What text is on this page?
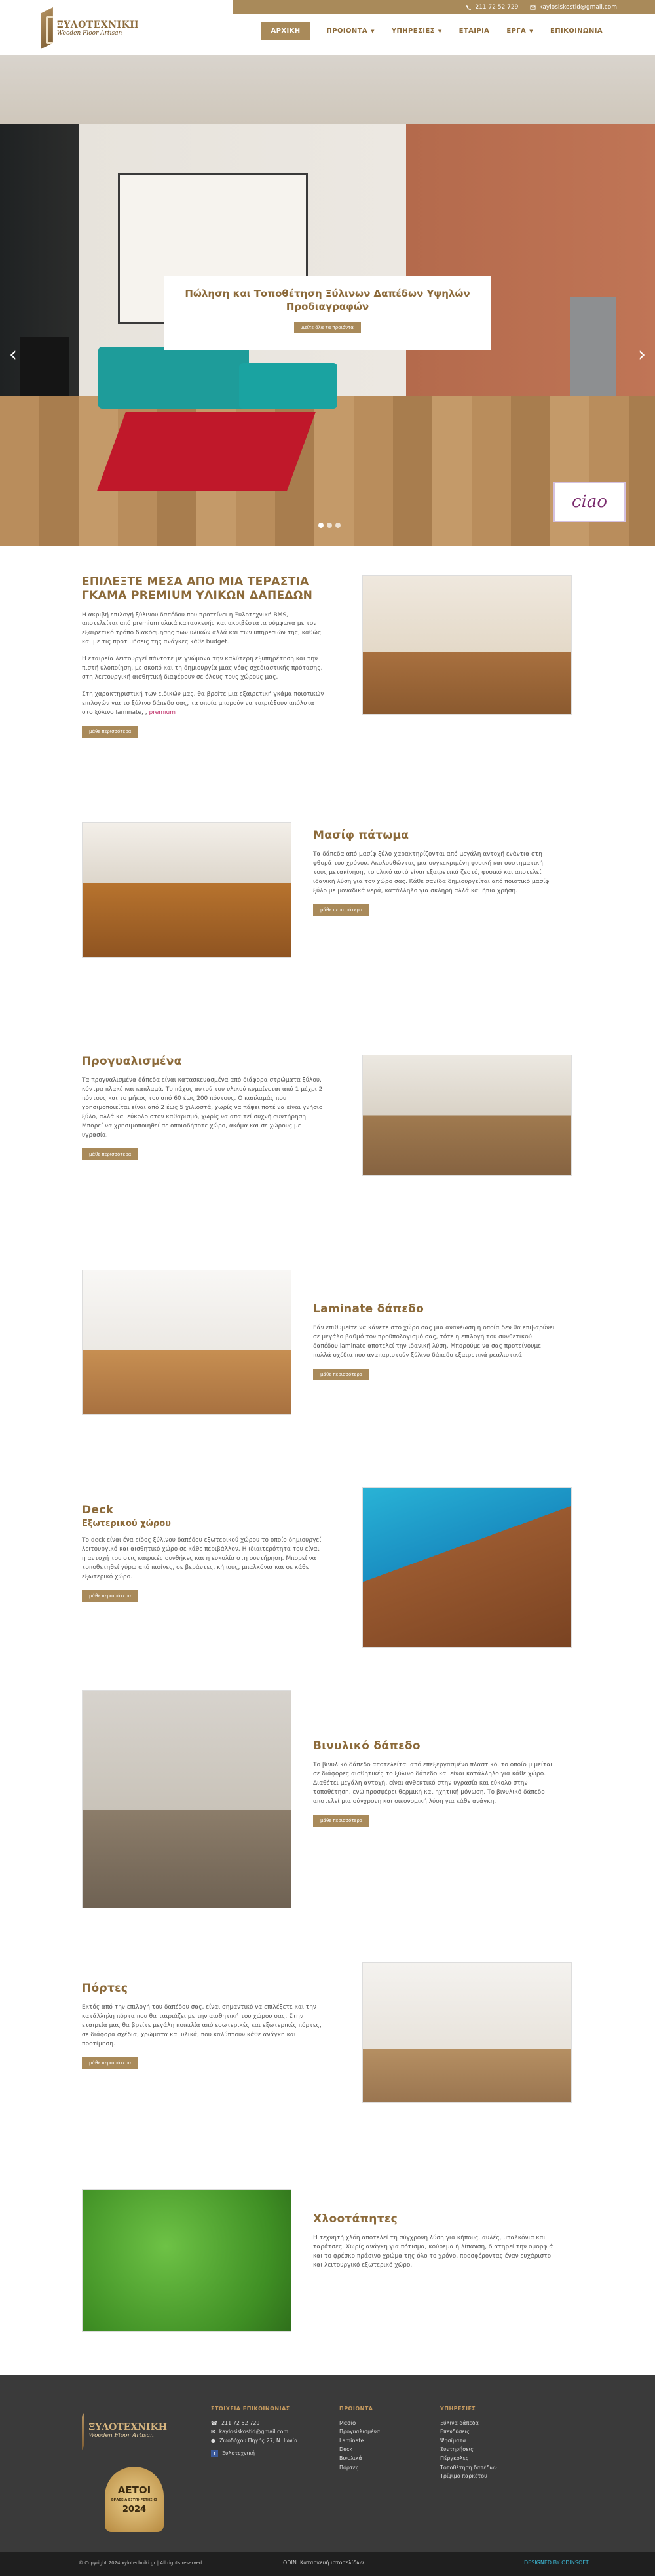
211 72 52 729	kaylosiskostid@gmail.com
ΞΥΛΟΤΕΧΝΙΚΗ
Wooden Floor Artisan	ΑΡΧΙΚΗ	ΠΡΟΙΟΝΤΑ ▼	ΥΠΗΡΕΣΙΕΣ ▼	ΕΤΑΙΡΙΑ	ΕΡΓΑ ▼	ΕΠΙΚΟΙΝΩΝΙΑ
Πώληση και Τοποθέτηση Ξύλινων Δαπέδων Υψηλών Προδιαγραφών
Δείτε όλα τα προιόντα
‹	›
ciao
ΕΠΙΛΕΞΤΕ ΜΕΣΑ ΑΠΟ ΜΙΑ ΤΕΡΑΣΤΙΑ ΓΚΑΜΑ PREMIUM ΥΛΙΚΩΝ ΔΑΠΕΔΩΝ

Η ακριβή επιλογή ξύλινου δαπέδου που προτείνει η Ξυλοτεχνική BMS, αποτελείται από premium υλικά κατασκευής και ακριβέστατα σύμφωνα με τον εξαιρετικό τρόπο διακόσμησης των υλικών αλλά και των υπηρεσιών της, καθώς και με τις προτιμήσεις της ανάγκες κάθε budget.

Η εταιρεία λειτουργεί πάντοτε με γνώμονα την καλύτερη εξυπηρέτηση και την πιστή υλοποίηση, με σκοπό και τη δημιουργία μιας νέας σχεδιαστικής πρότασης, στη λειτουργική αισθητική διαφέρουν σε όλους τους χώρους μας.

Στη χαρακτηριστική των ειδικών μας, θα βρείτε μια εξαιρετική γκάμα ποιοτικών επιλογών για το ξύλινο δάπεδο σας, τα οποία μπορούν να ταιριάξουν απόλυτα στο ξύλινο laminate, , premium

μάθε περισσότερα
Μασίφ πάτωμα

Τα δάπεδα από μασίφ ξύλο χαρακτηρίζονται από μεγάλη αντοχή ενάντια στη φθορά του χρόνου. Ακολουθώντας μια συγκεκριμένη φυσική και συστηματική τους μετακίνηση, το υλικό αυτό είναι εξαιρετικά ζεστό, φυσικό και αποτελεί ιδανική λύση για τον χώρο σας. Κάθε σανίδα δημιουργείται από ποιοτικό μασίφ ξύλο με μοναδικά νερά, κατάλληλο για σκληρή αλλά και ήπια χρήση.

μάθε περισσότερα
Προγυαλισμένα

Τα προγυαλισμένα δάπεδα είναι κατασκευασμένα από διάφορα στρώματα ξύλου, κόντρα πλακέ και καπλαμά. Το πάχος αυτού του υλικού κυμαίνεται από 1 μέχρι 2 πόντους και το μήκος του από 60 έως 200 πόντους. Ο καπλαμάς που χρησιμοποιείται είναι από 2 έως 5 χιλιοστά, χωρίς να πάψει ποτέ να είναι γνήσιο ξύλο, αλλά και εύκολο στον καθαρισμό, χωρίς να απαιτεί συχνή συντήρηση. Μπορεί να χρησιμοποιηθεί σε οποιοδήποτε χώρο, ακόμα και σε χώρους με υγρασία.

μάθε περισσότερα
Laminate δάπεδο

Εάν επιθυμείτε να κάνετε στο χώρο σας μια ανανέωση η οποία δεν θα επιβαρύνει σε μεγάλο βαθμό τον προϋπολογισμό σας, τότε η επιλογή του συνθετικού δαπέδου laminate αποτελεί την ιδανική λύση. Μπορούμε να σας προτείνουμε πολλά σχέδια που αναπαριστούν ξύλινο δάπεδο εξαιρετικά ρεαλιστικά.

μάθε περισσότερα
Deck
Εξωτερικού χώρου

Το deck είναι ένα είδος ξύλινου δαπέδου εξωτερικού χώρου το οποίο δημιουργεί λειτουργικό και αισθητικό χώρο σε κάθε περιβάλλον. Η ιδιαιτερότητα του είναι η αντοχή του στις καιρικές συνθήκες και η ευκολία στη συντήρηση. Μπορεί να τοποθετηθεί γύρω από πισίνες, σε βεράντες, κήπους, μπαλκόνια και σε κάθε εξωτερικό χώρο.

μάθε περισσότερα
Βινυλικό δάπεδο

Το βινυλικό δάπεδο αποτελείται από επεξεργασμένο πλαστικό, το οποίο μιμείται σε διάφορες αισθητικές το ξύλινο δάπεδο και είναι κατάλληλο για κάθε χώρο. Διαθέτει μεγάλη αντοχή, είναι ανθεκτικό στην υγρασία και εύκολο στην τοποθέτηση, ενώ προσφέρει θερμική και ηχητική μόνωση. Το βινυλικό δάπεδο αποτελεί μια σύγχρονη και οικονομική λύση για κάθε ανάγκη.

μάθε περισσότερα
Πόρτες

Εκτός από την επιλογή του δαπέδου σας, είναι σημαντικό να επιλέξετε και την κατάλληλη πόρτα που θα ταιριάζει με την αισθητική του χώρου σας. Στην εταιρεία μας θα βρείτε μεγάλη ποικιλία από εσωτερικές και εξωτερικές πόρτες, σε διάφορα σχέδια, χρώματα και υλικά, που καλύπτουν κάθε ανάγκη και προτίμηση.

μάθε περισσότερα
Χλοοτάπητες

Η τεχνητή χλόη αποτελεί τη σύγχρονη λύση για κήπους, αυλές, μπαλκόνια και ταράτσες. Χωρίς ανάγκη για πότισμα, κούρεμα ή λίπανση, διατηρεί την ομορφιά και το φρέσκο πράσινο χρώμα της όλο το χρόνο, προσφέροντας έναν ευχάριστο και λειτουργικό εξωτερικό χώρο.

ΞΥΛΟΤΕΧΝΙΚΗ
Wooden Floor Artisan
ΑΕΤΟΙ
ΒΡΑΒΕΙΑ ΕΞΥΠΗΡΕΤΗΣΗΣ
2024
ΣΤΟΙΧΕΙΑ ΕΠΙΚΟΙΝΩΝΙΑΣ
☎ 211 72 52 729
✉ kaylosiskostid@gmail.com
● Ζωοδόχου Πηγής 27, Ν. Ιωνία
f	Ξυλοτεχνική
ΠΡΟΙΟΝΤΑ
Μασίφ
Προγυαλισμένα
Laminate
Deck
Βινυλικά
Πόρτες
ΥΠΗΡΕΣΙΕΣ
Ξύλινα δάπεδα
Επενδύσεις
Ψησίματα
Συντηρήσεις
Πέργκολες
Τοποθέτηση δαπέδων
Τρίψιμο παρκέτου
© Copyright 2024 xylotechniki.gr | All rights reserved	ODIN: Κατασκευή ιστοσελίδων	DESIGNED BY ODINSOFT
